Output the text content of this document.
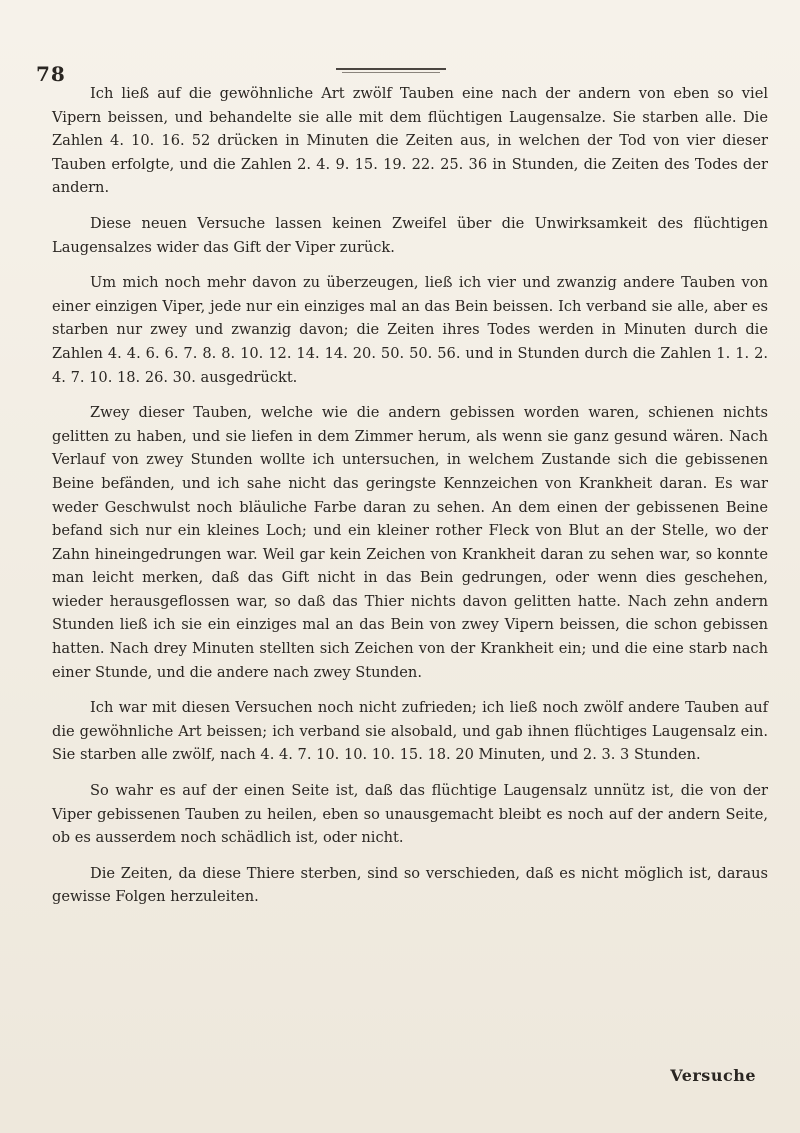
78

Ich ließ auf die gewöhnliche Art zwölf Tauben eine nach der andern von eben so viel Vipern beissen, und behandelte sie alle mit dem flüchtigen Laugensalze. Sie starben alle. Die Zahlen 4. 10. 16. 52 drücken in Minuten die Zeiten aus, in welchen der Tod von vier dieser Tauben erfolgte, und die Zahlen 2. 4. 9. 15. 19. 22. 25. 36 in Stunden, die Zeiten des Todes der andern.

Diese neuen Versuche lassen keinen Zweifel über die Unwirksamkeit des flüchtigen Laugensalzes wider das Gift der Viper zurück.

Um mich noch mehr davon zu überzeugen, ließ ich vier und zwanzig andere Tauben von einer einzigen Viper, jede nur ein einziges mal an das Bein beissen. Ich verband sie alle, aber es starben nur zwey und zwanzig davon; die Zeiten ihres Todes werden in Minuten durch die Zahlen 4. 4. 6. 6. 7. 8. 8. 10. 12. 14. 14. 20. 50. 50. 56. und in Stunden durch die Zahlen 1. 1. 2. 4. 7. 10. 18. 26. 30. ausgedrückt.

Zwey dieser Tauben, welche wie die andern gebissen worden waren, schienen nichts gelitten zu haben, und sie liefen in dem Zimmer herum, als wenn sie ganz gesund wären. Nach Verlauf von zwey Stunden wollte ich untersuchen, in welchem Zustande sich die gebissenen Beine befänden, und ich sahe nicht das geringste Kennzeichen von Krankheit daran. Es war weder Geschwulst noch bläuliche Farbe daran zu sehen. An dem einen der gebissenen Beine befand sich nur ein kleines Loch; und ein kleiner rother Fleck von Blut an der Stelle, wo der Zahn hineingedrungen war. Weil gar kein Zeichen von Krankheit daran zu sehen war, so konnte man leicht merken, daß das Gift nicht in das Bein gedrungen, oder wenn dies geschehen, wieder herausgeflossen war, so daß das Thier nichts davon gelitten hatte. Nach zehn andern Stunden ließ ich sie ein einziges mal an das Bein von zwey Vipern beissen, die schon gebissen hatten. Nach drey Minuten stellten sich Zeichen von der Krankheit ein; und die eine starb nach einer Stunde, und die andere nach zwey Stunden.

Ich war mit diesen Versuchen noch nicht zufrieden; ich ließ noch zwölf andere Tauben auf die gewöhnliche Art beissen; ich verband sie alsobald, und gab ihnen flüchtiges Laugensalz ein. Sie starben alle zwölf, nach 4. 4. 7. 10. 10. 10. 15. 18. 20 Minuten, und 2. 3. 3 Stunden.

So wahr es auf der einen Seite ist, daß das flüchtige Laugensalz unnütz ist, die von der Viper gebissenen Tauben zu heilen, eben so unausgemacht bleibt es noch auf der andern Seite, ob es ausserdem noch schädlich ist, oder nicht.

Die Zeiten, da diese Thiere sterben, sind so verschieden, daß es nicht möglich ist, daraus gewisse Folgen herzuleiten.

Versuche
